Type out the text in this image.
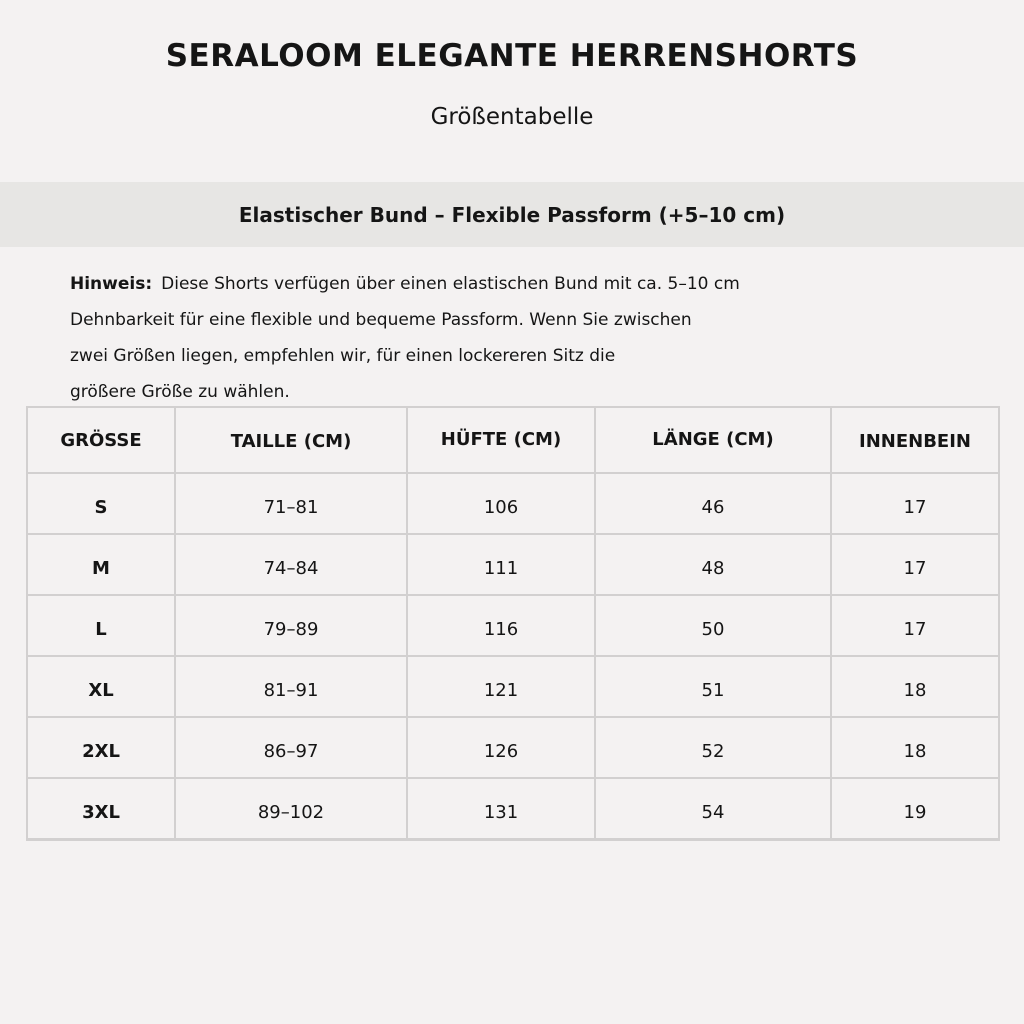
SERALOOM ELEGANTE HERRENSHORTS
Größentabelle
Elastischer Bund – Flexible Passform (+5–10 cm)
Hinweis: Diese Shorts verfügen über einen elastischen Bund mit ca. 5–10 cm
Dehnbarkeit für eine flexible und bequeme Passform. Wenn Sie zwischen
zwei Größen liegen, empfehlen wir, für einen lockereren Sitz die
größere Größe zu wählen.
GRÖSSE	TAILLE (CM)	HÜFTE (CM)	LÄNGE (CM)	INNENBEIN
S	71–81	106	46	17
M	74–84	111	48	17
L	79–89	116	50	17
XL	81–91	121	51	18
2XL	86–97	126	52	18
3XL	89–102	131	54	19
